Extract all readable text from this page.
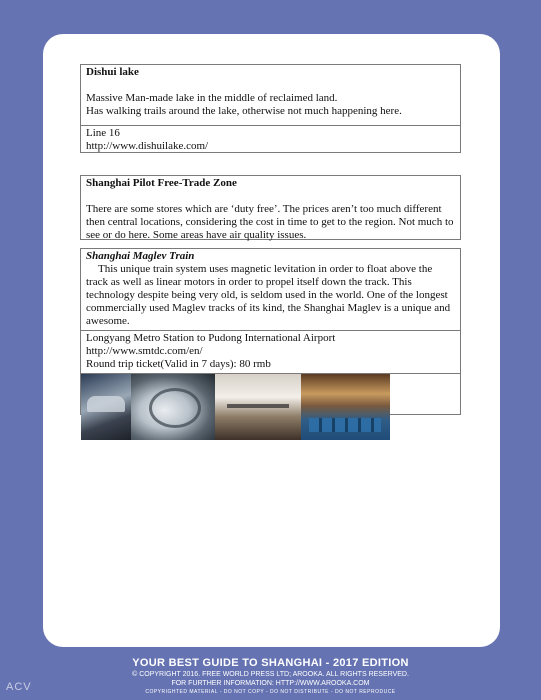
Dishui lake
Massive Man-made lake in the middle of reclaimed land.
Has walking trails around the lake, otherwise not much happening here.
Line 16
http://www.dishuilake.com/
Shanghai Pilot Free-Trade Zone
There are some stores which are ‘duty free’. The prices aren’t too much different then central locations, considering the cost in time to get to the region. Not much to see or do here. Some areas have air quality issues.
Shanghai Maglev Train
This unique train system uses magnetic levitation in order to float above the track as well as linear motors in order to propel itself down the track. This technology despite being very old, is seldom used in the world. One of the longest commercially used Maglev tracks of its kind, the Shanghai Maglev is a unique and awesome.
Longyang Metro Station to Pudong International Airport
http://www.smtdc.com/en/
Round trip ticket(Valid in 7 days): 80 rmb
YOUR BEST GUIDE TO SHANGHAI - 2017 EDITION
© COPYRIGHT 2016. FREE WORLD PRESS LTD; AROOKA. ALL RIGHTS RESERVED.
FOR FURTHER INFORMATION: HTTP://WWW.AROOKA.COM
COPYRIGHTED MATERIAL - DO NOT COPY - DO NOT DISTRIBUTE - DO NOT REPRODUCE
ACV
